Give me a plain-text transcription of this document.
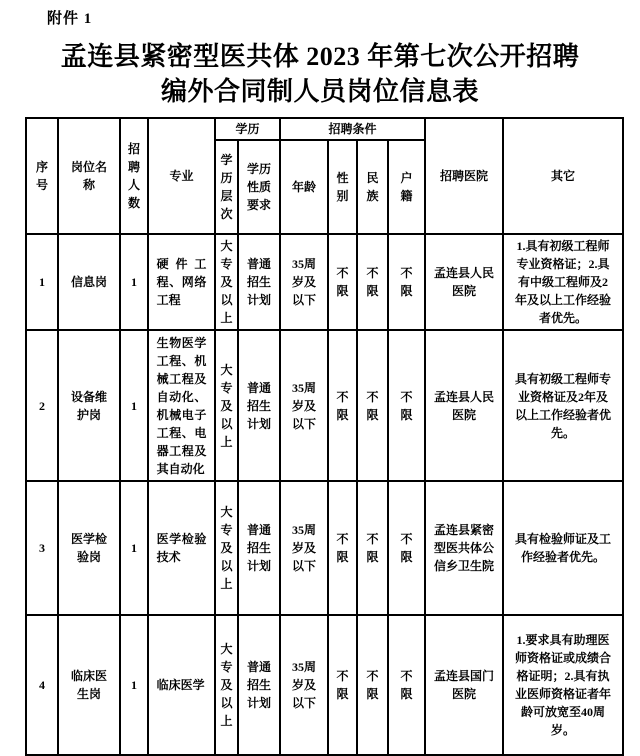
附件 1
孟连县紧密型医共体 2023 年第七次公开招聘
编外合同制人员岗位信息表
序号	岗位名称	招聘人数	专业	学历		招聘条件				招聘医院	其它

				学历层次	学历性质要求	年龄	性别	民族	户籍		

1	信息岗	1	硬件工程、网络工程	大专及以上	普通招生计划	35周岁及以下	不限	不限	不限	孟连县人民医院	1.具有初级工程师专业资格证；2.具有中级工程师及2年及以上工作经验者优先。

2	设备维护岗	1	生物医学工程、机械工程及自动化、机械电子工程、电器工程及其自动化	大专及以上	普通招生计划	35周岁及以下	不限	不限	不限	孟连县人民医院	具有初级工程师专业资格证及2年及以上工作经验者优先。

3	医学检验岗	1	医学检验技术	大专及以上	普通招生计划	35周岁及以下	不限	不限	不限	孟连县紧密型医共体公信乡卫生院	具有检验师证及工作经验者优先。

4	临床医生岗	1	临床医学	大专及以上	普通招生计划	35周岁及以下	不限	不限	不限	孟连县国门医院	1.要求具有助理医师资格证或成绩合格证明；2.具有执业医师资格证者年龄可放宽至40周岁。
